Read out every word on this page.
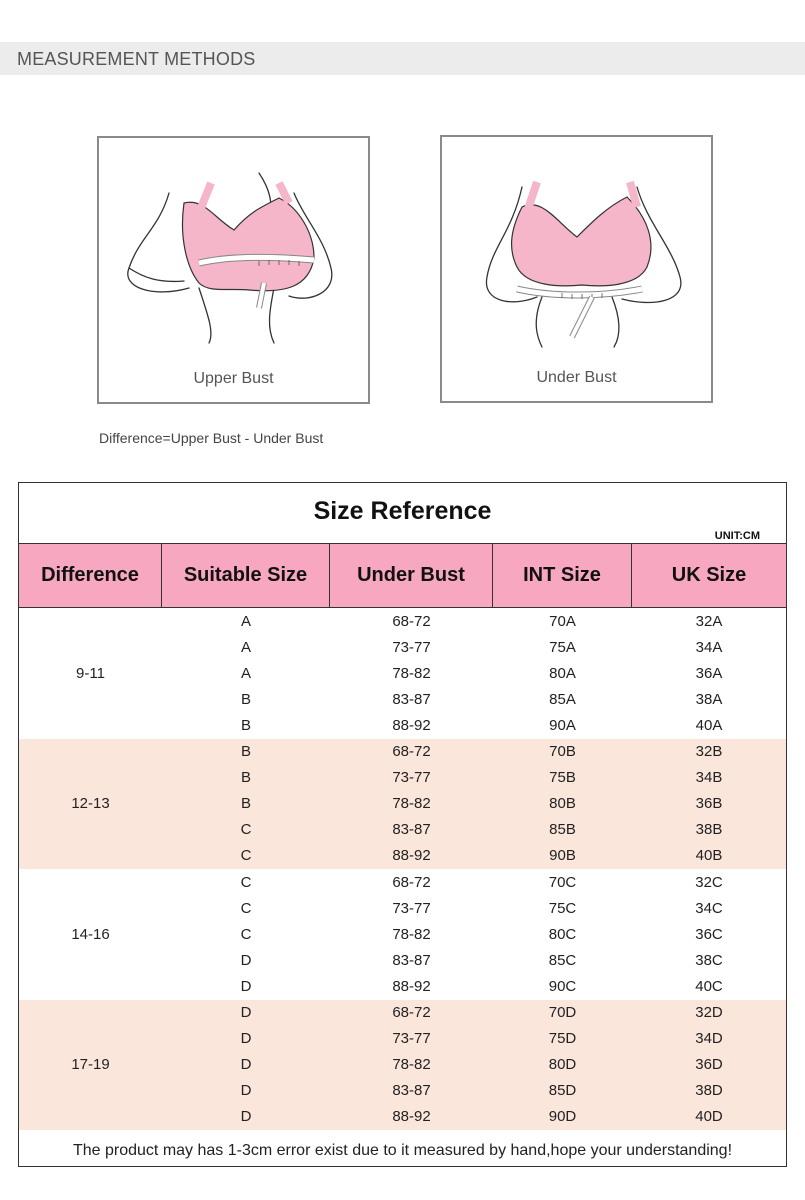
MEASUREMENT METHODS
Upper Bust	Under Bust
Difference=Upper Bust - Under Bust
Size Reference
UNIT:CM
Difference	Suitable Size	Under Bust	INT Size	UK Size
9-11
A	68-72	70A	32A
A	73-77	75A	34A
A	78-82	80A	36A
B	83-87	85A	38A
B	88-92	90A	40A
12-13
B	68-72	70B	32B
B	73-77	75B	34B
B	78-82	80B	36B
C	83-87	85B	38B
C	88-92	90B	40B
14-16
C	68-72	70C	32C
C	73-77	75C	34C
C	78-82	80C	36C
D	83-87	85C	38C
D	88-92	90C	40C
17-19
D	68-72	70D	32D
D	73-77	75D	34D
D	78-82	80D	36D
D	83-87	85D	38D
D	88-92	90D	40D
The product may has 1-3cm error exist due to it measured by hand,hope your understanding!
